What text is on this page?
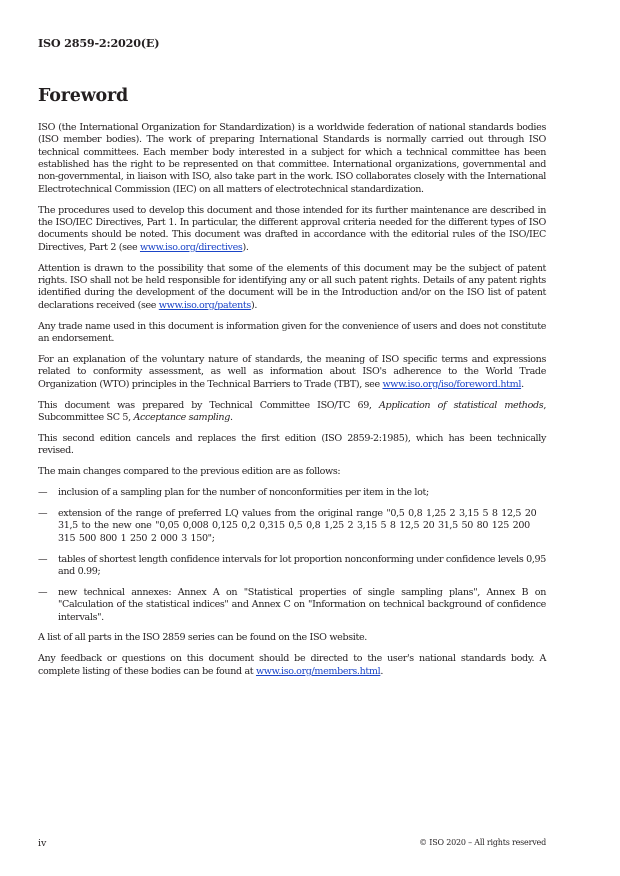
ISO 2859-2:2020(E)
Foreword

ISO (the International Organization for Standardization) is a worldwide federation of national standards bodies (ISO member bodies). The work of preparing International Standards is normally carried out through ISO technical committees. Each member body interested in a subject for which a technical committee has been established has the right to be represented on that committee. International organizations, governmental and non-governmental, in liaison with ISO, also take part in the work. ISO collaborates closely with the International Electrotechnical Commission (IEC) on all matters of electrotechnical standardization.

The procedures used to develop this document and those intended for its further maintenance are described in the ISO/IEC Directives, Part 1. In particular, the different approval criteria needed for the different types of ISO documents should be noted. This document was drafted in accordance with the editorial rules of the ISO/IEC Directives, Part 2 (see www.iso.org/directives).

Attention is drawn to the possibility that some of the elements of this document may be the subject of patent rights. ISO shall not be held responsible for identifying any or all such patent rights. Details of any patent rights identified during the development of the document will be in the Introduction and/or on the ISO list of patent declarations received (see www.iso.org/patents).

Any trade name used in this document is information given for the convenience of users and does not constitute an endorsement.

For an explanation of the voluntary nature of standards, the meaning of ISO specific terms and expressions related to conformity assessment, as well as information about ISO's adherence to the World Trade Organization (WTO) principles in the Technical Barriers to Trade (TBT), see www.iso.org/iso/foreword.html.

This document was prepared by Technical Committee ISO/TC 69, Application of statistical methods, Subcommittee SC 5, Acceptance sampling.

This second edition cancels and replaces the first edition (ISO 2859-2:1985), which has been technically revised.

The main changes compared to the previous edition are as follows:

—	inclusion of a sampling plan for the number of nonconformities per item in the lot;
—	extension of the range of preferred LQ values from the original range "0,5 0,8 1,25 2 3,15 5 8 12,5 20 31,5 to the new one "0,05 0,008 0,125 0,2 0,315 0,5 0,8 1,25 2 3,15 5 8 12,5 20 31,5 50 80 125 200 315 500 800 1 250 2 000 3 150";
—	tables of shortest length confidence intervals for lot proportion nonconforming under confidence levels 0,95 and 0.99;
—	new technical annexes: Annex A on "Statistical properties of single sampling plans", Annex B on "Calculation of the statistical indices" and Annex C on "Information on technical background of confidence intervals".

A list of all parts in the ISO 2859 series can be found on the ISO website.

Any feedback or questions on this document should be directed to the user's national standards body. A complete listing of these bodies can be found at www.iso.org/members.html.

iv	© ISO 2020 – All rights reserved
